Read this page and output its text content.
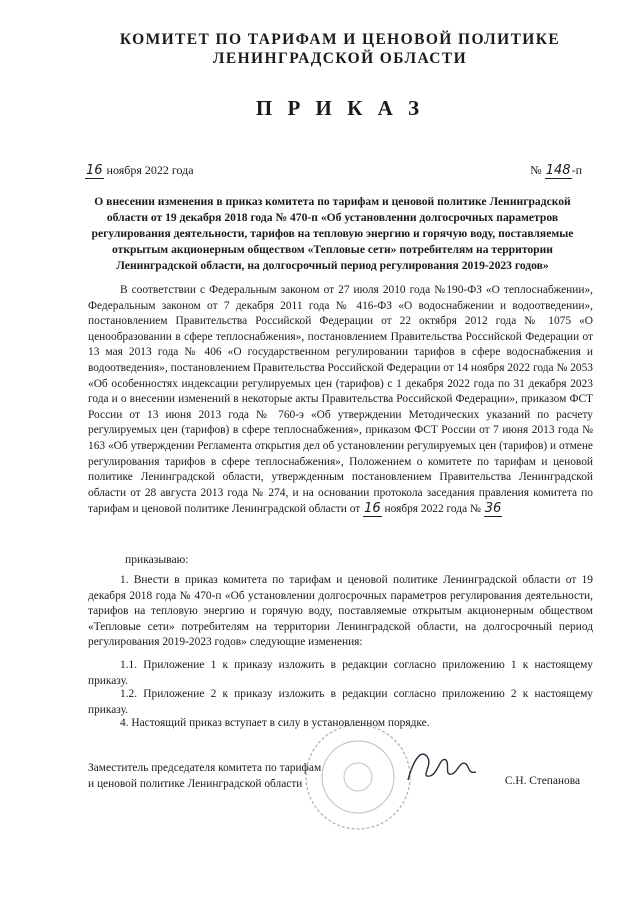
КОМИТЕТ ПО ТАРИФАМ И ЦЕНОВОЙ ПОЛИТИКЕ
ЛЕНИНГРАДСКОЙ ОБЛАСТИ
П Р И К А З
16 ноября 2022 года	№ 148-п
О внесении изменения в приказ комитета по тарифам и ценовой политике Ленинградской области от 19 декабря 2018 года № 470-п «Об установлении долгосрочных параметров регулирования деятельности, тарифов на тепловую энергию и горячую воду, поставляемые открытым акционерным обществом «Тепловые сети» потребителям на территории Ленинградской области, на долгосрочный период регулирования 2019-2023 годов»

В соответствии с Федеральным законом от 27 июля 2010 года №190-ФЗ «О теплоснабжении», Федеральным законом от 7 декабря 2011 года № 416-ФЗ «О водоснабжении и водоотведении», постановлением Правительства Российской Федерации от 22 октября 2012 года № 1075 «О ценообразовании в сфере теплоснабжения», постановлением Правительства Российской Федерации от 13 мая 2013 года № 406 «О государственном регулировании тарифов в сфере водоснабжения и водоотведения», постановлением Правительства Российской Федерации от 14 ноября 2022 года № 2053 «Об особенностях индексации регулируемых цен (тарифов) с 1 декабря 2022 года по 31 декабря 2023 года и о внесении изменений в некоторые акты Правительства Российской Федерации», приказом ФСТ России от 13 июня 2013 года № 760-э «Об утверждении Методических указаний по расчету регулируемых цен (тарифов) в сфере теплоснабжения», приказом ФСТ России от 7 июня 2013 года № 163 «Об утверждении Регламента открытия дел об установлении регулируемых цен (тарифов) и отмене регулирования тарифов в сфере теплоснабжения», Положением о комитете по тарифам и ценовой политике Ленинградской области, утвержденным постановлением Правительства Ленинградской области от 28 августа 2013 года № 274, и на основании протокола заседания правления комитета по тарифам и ценовой политике Ленинградской области от 16 ноября 2022 года № 36

приказываю:

1. Внести в приказ комитета по тарифам и ценовой политике Ленинградской области от 19 декабря 2018 года № 470-п «Об установлении долгосрочных параметров регулирования деятельности, тарифов на тепловую энергию и горячую воду, поставляемые открытым акционерным обществом «Тепловые сети» потребителям на территории Ленинградской области, на долгосрочный период регулирования 2019-2023 годов» следующие изменения:

1.1. Приложение 1 к приказу изложить в редакции согласно приложению 1 к настоящему приказу.

1.2. Приложение 2 к приказу изложить в редакции согласно приложению 2 к настоящему приказу.

4. Настоящий приказ вступает в силу в установленном порядке.
Заместитель председателя комитета по тарифам
и ценовой политике Ленинградской области	С.Н. Степанова
